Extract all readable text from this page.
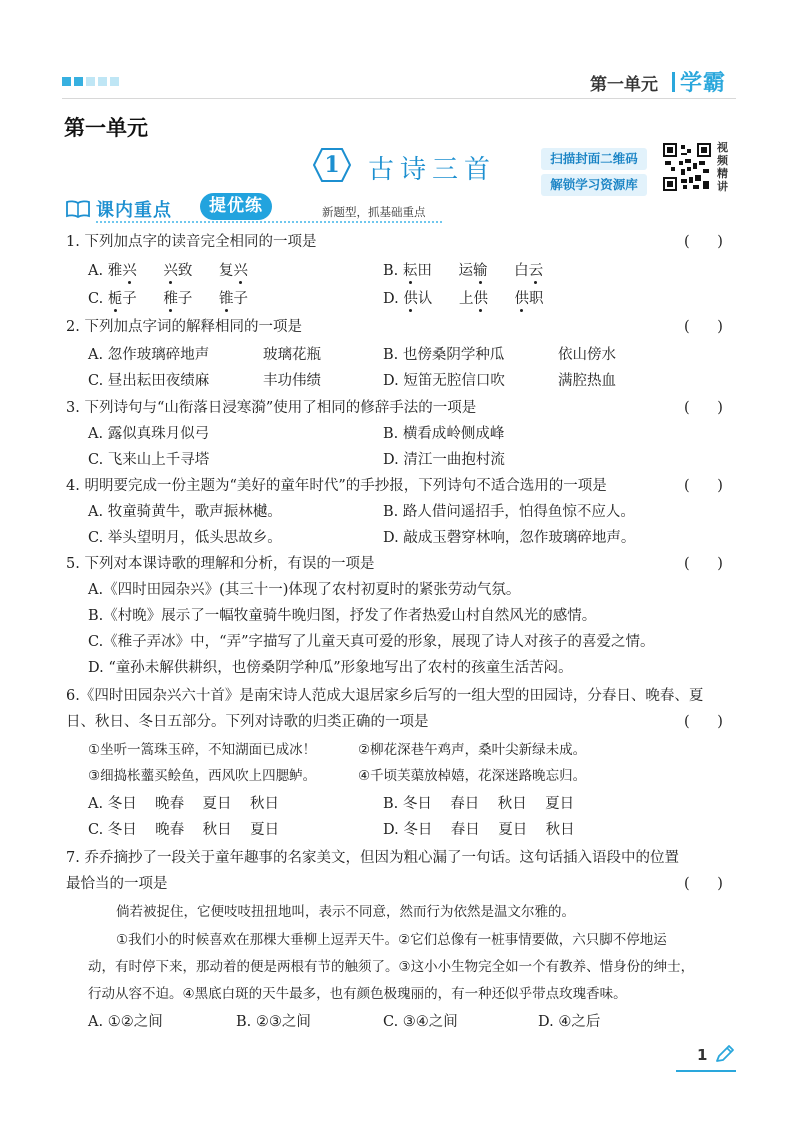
第一单元	学霸
第一单元
1	古诗三首	扫描封面二维码
解锁学习资源库
视频精讲
课内重点	提优练	新题型，抓基础重点
1. 下列加点字的读音完全相同的一项是	(      )
A. 雅兴 兴致 复兴	B. 耘田 运输 白云
C. 栀子 稚子 锥子	D. 供认 上供 供职
2. 下列加点字词的解释相同的一项是	(      )
A. 忽作玻璃碎地声	玻璃花瓶	B. 也傍桑阴学种瓜	依山傍水
C. 昼出耘田夜绩麻	丰功伟绩	D. 短笛无腔信口吹	满腔热血
3. 下列诗句与“山衔落日浸寒漪”使用了相同的修辞手法的一项是	(      )
A. 露似真珠月似弓	B. 横看成岭侧成峰
C. 飞来山上千寻塔	D. 清江一曲抱村流
4. 明明要完成一份主题为“美好的童年时代”的手抄报，下列诗句不适合选用的一项是	(      )
A. 牧童骑黄牛，歌声振林樾。	B. 路人借问遥招手，怕得鱼惊不应人。
C. 举头望明月，低头思故乡。	D. 敲成玉磬穿林响，忽作玻璃碎地声。
5. 下列对本课诗歌的理解和分析，有误的一项是	(      )
A.《四时田园杂兴》(其三十一)体现了农村初夏时的紧张劳动气氛。
B.《村晚》展示了一幅牧童骑牛晚归图，抒发了作者热爱山村自然风光的感情。
C.《稚子弄冰》中，“弄”字描写了儿童天真可爱的形象，展现了诗人对孩子的喜爱之情。
D. “童孙未解供耕织，也傍桑阴学种瓜”形象地写出了农村的孩童生活苦闷。
6.《四时田园杂兴六十首》是南宋诗人范成大退居家乡后写的一组大型的田园诗，分春日、晚春、夏
日、秋日、冬日五部分。下列对诗歌的归类正确的一项是	(      )
①坐听一篙珠玉碎，不知湖面已成冰！	②柳花深巷午鸡声，桑叶尖新绿未成。
③细捣枨虀买鲙鱼，西风吹上四腮鲈。	④千顷芙蕖放棹嬉，花深迷路晚忘归。
A. 冬日    晚春    夏日    秋日	B. 冬日    春日    秋日    夏日
C. 冬日    晚春    秋日    夏日	D. 冬日    春日    夏日    秋日
7. 乔乔摘抄了一段关于童年趣事的名家美文，但因为粗心漏了一句话。这句话插入语段中的位置
最恰当的一项是	(      )
倘若被捉住，它便吱吱扭扭地叫，表示不同意，然而行为依然是温文尔雅的。
①我们小的时候喜欢在那棵大垂柳上逗弄天牛。②它们总像有一桩事情要做，六只脚不停地运
动，有时停下来，那动着的便是两根有节的触须了。③这小小生物完全如一个有教养、惜身份的绅士，
行动从容不迫。④黑底白斑的天牛最多，也有颜色极瑰丽的，有一种还似乎带点玫瑰香味。
A. ①②之间	B. ②③之间	C. ③④之间	D. ④之后
1
